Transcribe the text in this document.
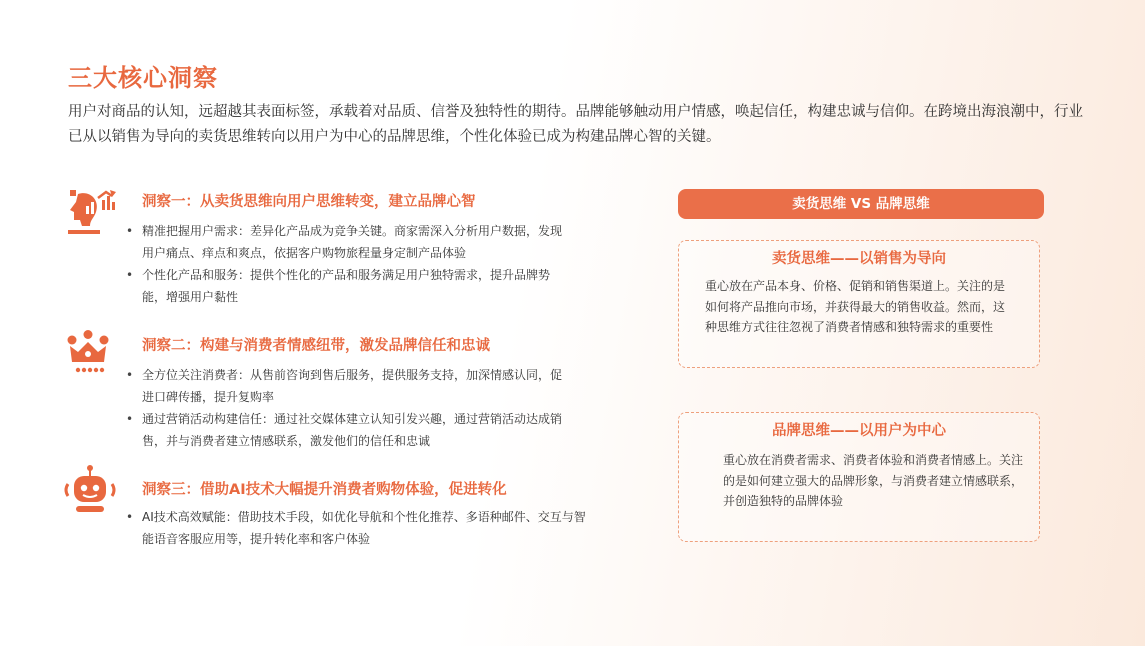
三大核心洞察
用户对商品的认知，远超越其表面标签，承载着对品质、信誉及独特性的期待。品牌能够触动用户情感，唤起信任，构建忠诚与信仰。在跨境出海浪潮中，行业已从以销售为导向的卖货思维转向以用户为中心的品牌思维，个性化体验已成为构建品牌心智的关键。
洞察一：从卖货思维向用户思维转变，建立品牌心智
• 精准把握用户需求：差异化产品成为竞争关键。商家需深入分析用户数据，发现用户痛点、痒点和爽点，依据客户购物旅程量身定制产品体验
• 个性化产品和服务：提供个性化的产品和服务满足用户独特需求，提升品牌势能，增强用户黏性
洞察二：构建与消费者情感纽带，激发品牌信任和忠诚
• 全方位关注消费者：从售前咨询到售后服务，提供服务支持，加深情感认同，促进口碑传播，提升复购率
• 通过营销活动构建信任：通过社交媒体建立认知引发兴趣，通过营销活动达成销售，并与消费者建立情感联系，激发他们的信任和忠诚
洞察三：借助AI技术大幅提升消费者购物体验，促进转化
• AI技术高效赋能：借助技术手段，如优化导航和个性化推荐、多语种邮件、交互与智能语音客服应用等，提升转化率和客户体验
卖货思维 VS 品牌思维
卖货思维——以销售为导向
重心放在产品本身、价格、促销和销售渠道上。关注的是如何将产品推向市场，并获得最大的销售收益。然而，这种思维方式往往忽视了消费者情感和独特需求的重要性
品牌思维——以用户为中心
重心放在消费者需求、消费者体验和消费者情感上。关注的是如何建立强大的品牌形象，与消费者建立情感联系，并创造独特的品牌体验
